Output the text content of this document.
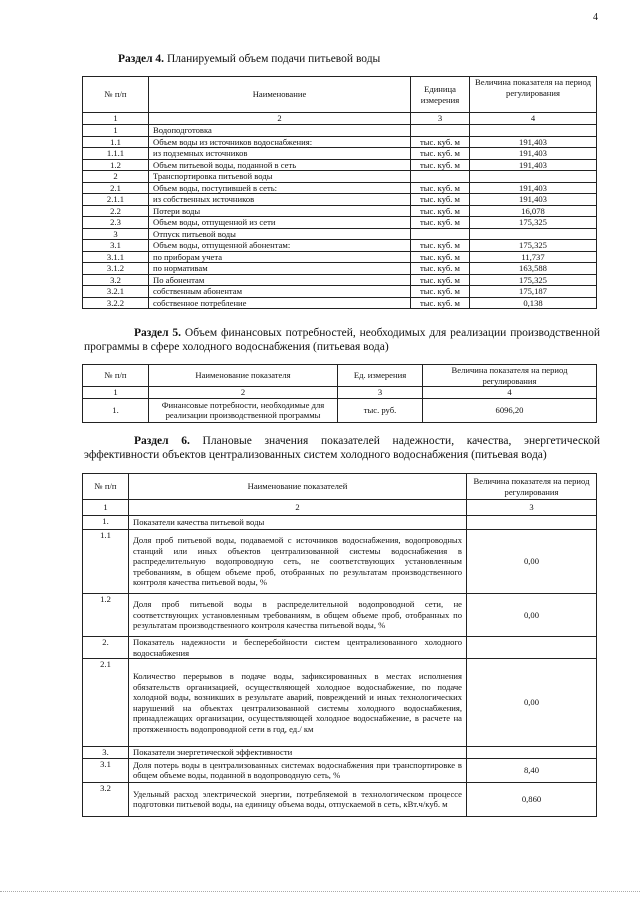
4
Раздел 4. Планируемый объем подачи питьевой воды
№ п/п	Наименование	Единица измерения	Величина показателя на период регулирования
1	2	3	4
1	Водоподготовка		
1.1	Объем воды из источников водоснабжения:	тыс. куб. м	191,403
1.1.1	из подземных источников	тыс. куб. м	191,403
1.2	Объем питьевой воды, поданной в сеть	тыс. куб. м	191,403
2	Транспортировка питьевой воды		
2.1	Объем воды, поступившей в сеть:	тыс. куб. м	191,403
2.1.1	из собственных источников	тыс. куб. м	191,403
2.2	Потери воды	тыс. куб. м	16,078
2.3	Объем воды, отпущенной из сети	тыс. куб. м	175,325
3	Отпуск питьевой воды		
3.1	Объем воды, отпущенной абонентам:	тыс. куб. м	175,325
3.1.1	по приборам учета	тыс. куб. м	11,737
3.1.2	по нормативам	тыс. куб. м	163,588
3.2	По абонентам	тыс. куб. м	175,325
3.2.1	собственным абонентам	тыс. куб. м	175,187
3.2.2	собственное потребление	тыс. куб. м	0,138
Раздел 5. Объем финансовых потребностей, необходимых для реализации производственной программы в сфере холодного водоснабжения (питьевая вода)
№ п/п	Наименование показателя	Ед. измерения	Величина показателя на период регулирования
1	2	3	4
1.	Финансовые потребности, необходимые для реализации производственной программы	тыс. руб.	6096,20
Раздел 6. Плановые значения показателей надежности, качества, энергетической эффективности объектов централизованных систем холодного водоснабжения (питьевая вода)
№ п/п	Наименование показателей	Величина показателя на период регулирования
1	2	3
1.	Показатели качества питьевой воды	
1.1	Доля проб питьевой воды, подаваемой с источников водоснабжения, водопроводных станций или иных объектов централизованной системы водоснабжения в распределительную водопроводную сеть, не соответствующих установленным требованиям, в общем объеме проб, отобранных по результатам производственного контроля качества питьевой воды, %	0,00
1.2	Доля проб питьевой воды в распределительной водопроводной сети, не соответствующих установленным требованиям, в общем объеме проб, отобранных по результатам производственного контроля качества питьевой воды, %	0,00
2.	Показатель надежности и бесперебойности систем централизованного холодного водоснабжения	
2.1	Количество перерывов в подаче воды, зафиксированных в местах исполнения обязательств организацией, осуществляющей холодное водоснабжение, по подаче холодной воды, возникших в результате аварий, повреждений и иных технологических нарушений на объектах централизованной системы холодного водоснабжения, принадлежащих организации, осуществляющей холодное водоснабжение, в расчете на протяженность водопроводной сети в год, ед./ км	0,00
3.	Показатели энергетической эффективности	
3.1	Доля потерь воды в централизованных системах водоснабжения при транспортировке в общем объеме воды, поданной в водопроводную сеть, %	8,40
3.2	Удельный расход электрической энергии, потребляемой в технологическом процессе подготовки питьевой воды, на единицу объема воды, отпускаемой в сеть, кВт.ч/куб. м	0,860
